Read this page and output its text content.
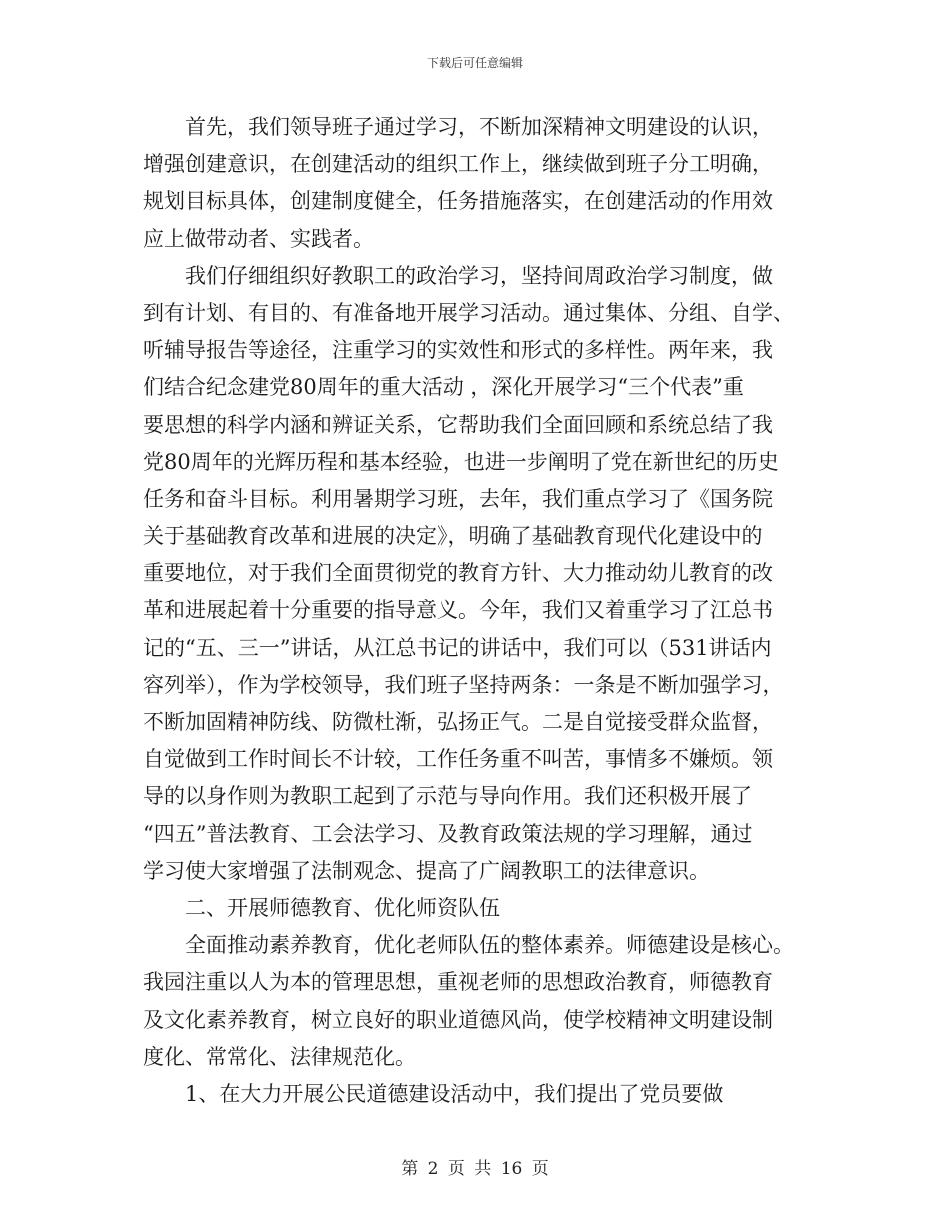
下载后可任意编辑
首先，我们领导班子通过学习，不断加深精神文明建设的认识，
增强创建意识，在创建活动的组织工作上，继续做到班子分工明确，
规划目标具体，创建制度健全，任务措施落实，在创建活动的作用效
应上做带动者、实践者。
我们仔细组织好教职工的政治学习，坚持间周政治学习制度，做
到有计划、有目的、有准备地开展学习活动。通过集体、分组、自学、
听辅导报告等途径，注重学习的实效性和形式的多样性。两年来，我
们结合纪念建党80周年的重大活动 ，深化开展学习“三个代表”重
要思想的科学内涵和辨证关系，它帮助我们全面回顾和系统总结了我
党80周年的光辉历程和基本经验，也进一步阐明了党在新世纪的历史
任务和奋斗目标。利用暑期学习班，去年，我们重点学习了《国务院
关于基础教育改革和进展的决定》，明确了基础教育现代化建设中的
重要地位，对于我们全面贯彻党的教育方针、大力推动幼儿教育的改
革和进展起着十分重要的指导意义。今年，我们又着重学习了江总书
记的“五、三一”讲话，从江总书记的讲话中，我们可以（531讲话内
容列举），作为学校领导，我们班子坚持两条：一条是不断加强学习，
不断加固精神防线、防微杜渐，弘扬正气。二是自觉接受群众监督，
自觉做到工作时间长不计较，工作任务重不叫苦，事情多不嫌烦。领
导的以身作则为教职工起到了示范与导向作用。我们还积极开展了
“四五”普法教育、工会法学习、及教育政策法规的学习理解，通过
学习使大家增强了法制观念、提高了广阔教职工的法律意识。
二、开展师德教育、优化师资队伍
全面推动素养教育，优化老师队伍的整体素养。师德建设是核心。
我园注重以人为本的管理思想，重视老师的思想政治教育，师德教育
及文化素养教育，树立良好的职业道德风尚，使学校精神文明建设制
度化、常常化、法律规范化。
1、在大力开展公民道德建设活动中，我们提出了党员要做
第 2 页 共 16 页
